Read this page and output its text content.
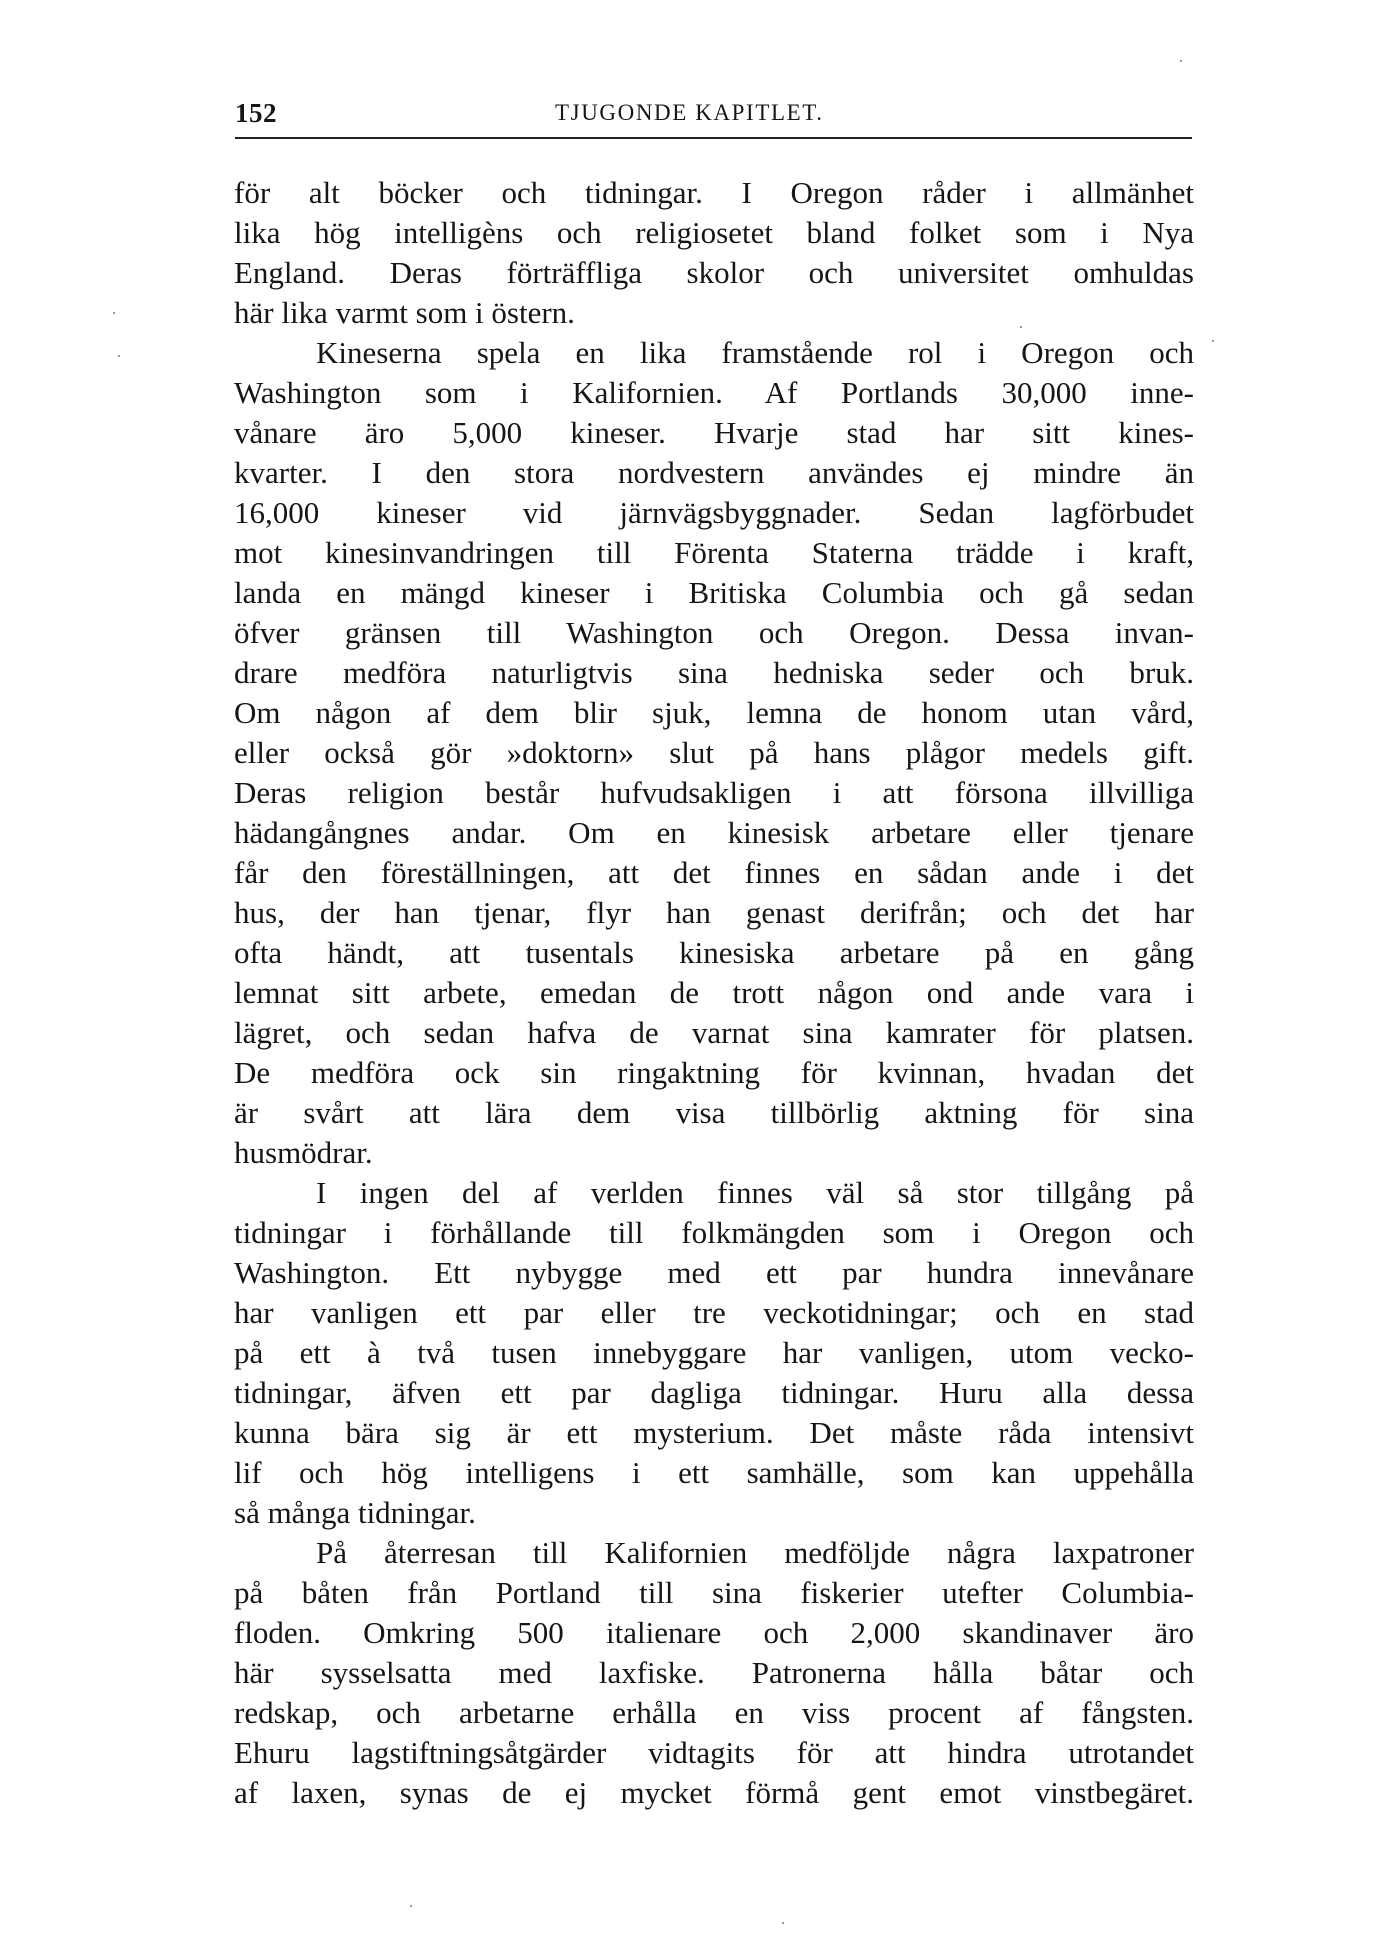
152	TJUGONDE KAPITLET.
för alt böcker och tidningar. I Oregon råder i allmänhet
lika hög intelligèns och religiosetet bland folket som i Nya
England. Deras förträffliga skolor och universitet omhuldas
här lika varmt som i östern.
Kineserna spela en lika framstående rol i Oregon och
Washington som i Kalifornien. Af Portlands 30,000 inne-
vånare äro 5,000 kineser. Hvarje stad har sitt kines-
kvarter. I den stora nordvestern användes ej mindre än
16,000 kineser vid järnvägsbyggnader. Sedan lagförbudet
mot kinesinvandringen till Förenta Staterna trädde i kraft,
landa en mängd kineser i Britiska Columbia och gå sedan
öfver gränsen till Washington och Oregon. Dessa invan-
drare medföra naturligtvis sina hedniska seder och bruk.
Om någon af dem blir sjuk, lemna de honom utan vård,
eller också gör »doktorn» slut på hans plågor medels gift.
Deras religion består hufvudsakligen i att försona illvilliga
hädangångnes andar. Om en kinesisk arbetare eller tjenare
får den föreställningen, att det finnes en sådan ande i det
hus, der han tjenar, flyr han genast derifrån; och det har
ofta händt, att tusentals kinesiska arbetare på en gång
lemnat sitt arbete, emedan de trott någon ond ande vara i
lägret, och sedan hafva de varnat sina kamrater för platsen.
De medföra ock sin ringaktning för kvinnan, hvadan det
är svårt att lära dem visa tillbörlig aktning för sina
husmödrar.
I ingen del af verlden finnes väl så stor tillgång på
tidningar i förhållande till folkmängden som i Oregon och
Washington. Ett nybygge med ett par hundra innevånare
har vanligen ett par eller tre veckotidningar; och en stad
på ett à två tusen innebyggare har vanligen, utom vecko-
tidningar, äfven ett par dagliga tidningar. Huru alla dessa
kunna bära sig är ett mysterium. Det måste råda intensivt
lif och hög intelligens i ett samhälle, som kan uppehålla
så många tidningar.
På återresan till Kalifornien medföljde några laxpatroner
på båten från Portland till sina fiskerier utefter Columbia-
floden. Omkring 500 italienare och 2,000 skandinaver äro
här sysselsatta med laxfiske. Patronerna hålla båtar och
redskap, och arbetarne erhålla en viss procent af fångsten.
Ehuru lagstiftningsåtgärder vidtagits för att hindra utrotandet
af laxen, synas de ej mycket förmå gent emot vinstbegäret.
